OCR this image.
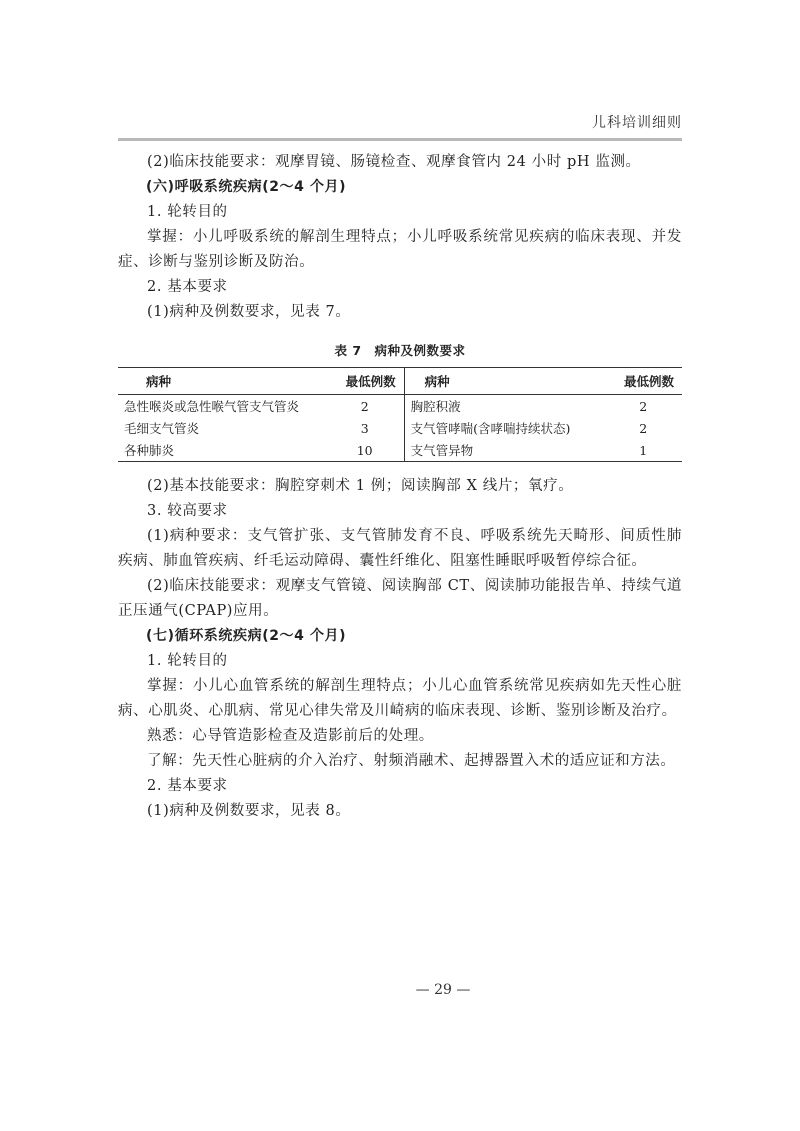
儿科培训细则

(2)临床技能要求：观摩胃镜、肠镜检查、观摩食管内 24 小时 pH 监测。

(六)呼吸系统疾病(2～4 个月)

1. 轮转目的

掌握：小儿呼吸系统的解剖生理特点；小儿呼吸系统常见疾病的临床表现、并发症、诊断与鉴别诊断及防治。

2. 基本要求

(1)病种及例数要求，见表 7。

表 7　病种及例数要求
病种	最低例数	病种	最低例数
急性喉炎或急性喉气管支气管炎	2	胸腔积液	2
毛细支气管炎	3	支气管哮喘(含哮喘持续状态)	2
各种肺炎	10	支气管异物	1

(2)基本技能要求：胸腔穿刺术 1 例；阅读胸部 X 线片；氧疗。

3. 较高要求

(1)病种要求：支气管扩张、支气管肺发育不良、呼吸系统先天畸形、间质性肺疾病、肺血管疾病、纤毛运动障碍、囊性纤维化、阻塞性睡眠呼吸暂停综合征。

(2)临床技能要求：观摩支气管镜、阅读胸部 CT、阅读肺功能报告单、持续气道正压通气(CPAP)应用。

(七)循环系统疾病(2～4 个月)

1. 轮转目的

掌握：小儿心血管系统的解剖生理特点；小儿心血管系统常见疾病如先天性心脏病、心肌炎、心肌病、常见心律失常及川崎病的临床表现、诊断、鉴别诊断及治疗。

熟悉：心导管造影检查及造影前后的处理。

了解：先天性心脏病的介入治疗、射频消融术、起搏器置入术的适应证和方法。

2. 基本要求

(1)病种及例数要求，见表 8。

— 29 —
